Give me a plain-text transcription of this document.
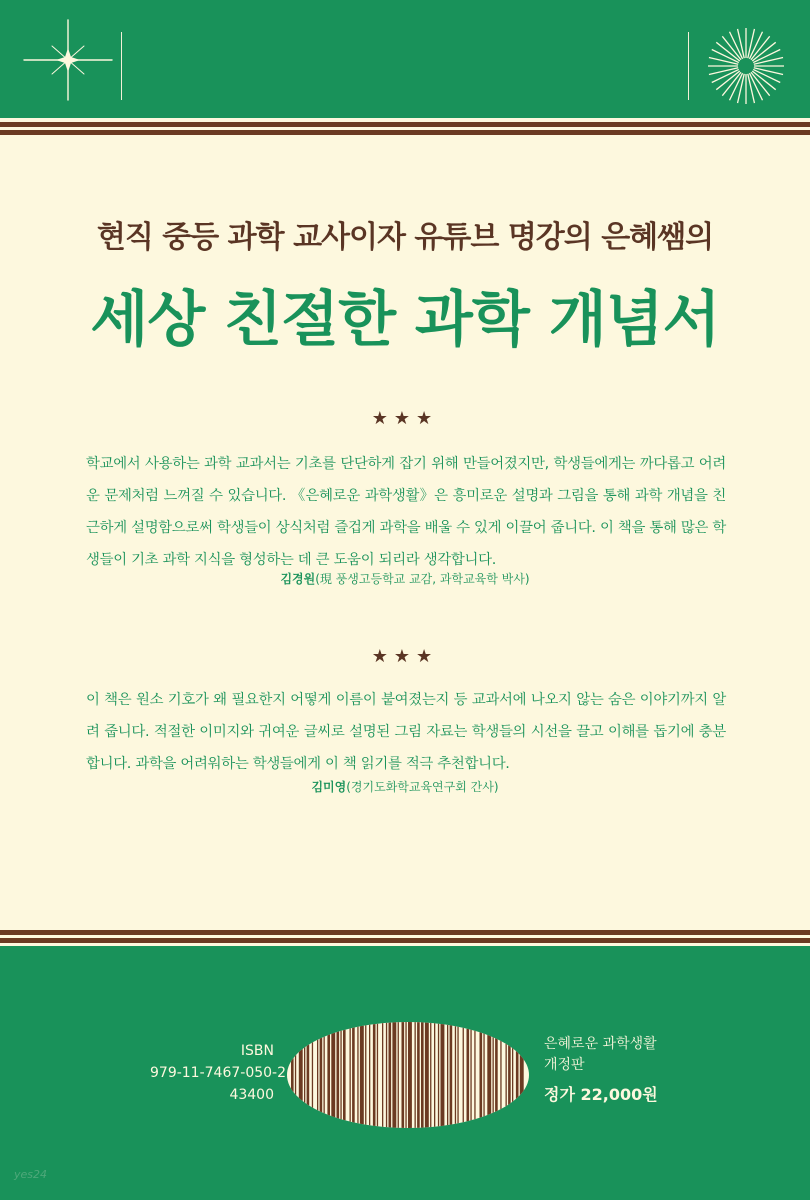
현직 중등 과학 교사이자 유튜브 명강의 은혜쌤의
세상 친절한 과학 개념서
★★★
학교에서 사용하는 과학 교과서는 기초를 단단하게 잡기 위해 만들어졌지만, 학생들에게는 까다롭고 어려운 문제처럼 느껴질 수 있습니다. 《은혜로운 과학생활》은 흥미로운 설명과 그림을 통해 과학 개념을 친근하게 설명함으로써 학생들이 상식처럼 즐겁게 과학을 배울 수 있게 이끌어 줍니다. 이 책을 통해 많은 학생들이 기초 과학 지식을 형성하는 데 큰 도움이 되리라 생각합니다.
김경원(現 풍생고등학교 교감, 과학교육학 박사)
★★★
이 책은 원소 기호가 왜 필요한지 어떻게 이름이 붙여졌는지 등 교과서에 나오지 않는 숨은 이야기까지 알려 줍니다. 적절한 이미지와 귀여운 글씨로 설명된 그림 자료는 학생들의 시선을 끌고 이해를 돕기에 충분합니다. 과학을 어려워하는 학생들에게 이 책 읽기를 적극 추천합니다.
김미영(경기도화학교육연구회 간사)
ISBN
979-11-7467-050-2
43400
은혜로운 과학생활
개정판
정가 22,000원
yes24
